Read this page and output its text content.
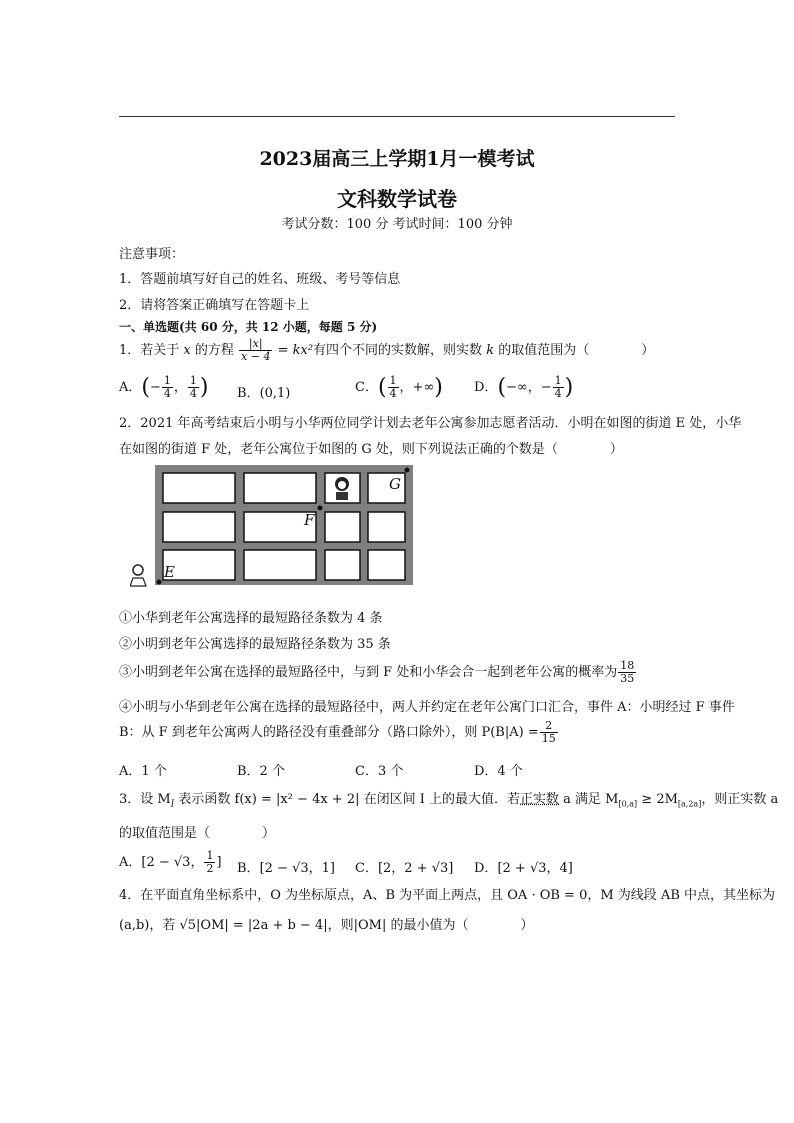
2023届高三上学期1月一模考试
文科数学试卷
考试分数：100 分 考试时间：100 分钟
注意事项：
1．答题前填写好自己的姓名、班级、考号等信息
2．请将答案正确填写在答题卡上
一、单选题(共 60 分，共 12 小题，每题 5 分)
1．若关于 x 的方程 $\frac{|x|}{x - 4} = kx^2$有四个不同的实数解，则实数 k 的取值范围为（　　　　）
A．(− $\frac{1}{4}$ ， $\frac{1}{4}$ ) B．(0,1)	C．( $\frac{1}{4}$ ，+∞) D．(−∞，− $\frac{1}{4}$ )
2．2021 年高考结束后小明与小华两位同学计划去老年公寓参加志愿者活动．小明在如图的街道 E 处，小华
在如图的街道 F 处，老年公寓位于如图的 G 处，则下列说法正确的个数是（　　　　）
G
F
E
①小华到老年公寓选择的最短路径条数为 4 条
②小明到老年公寓选择的最短路径条数为 35 条
③小明到老年公寓在选择的最短路径中，与到 F 处和小华会合一起到老年公寓的概率为 $\frac{18}{35}$
④小明与小华到老年公寓在选择的最短路径中，两人并约定在老年公寓门口汇合，事件 A：小明经过 F 事件
B：从 F 到老年公寓两人的路径没有重叠部分（路口除外），则 $P(B|A) = \frac{2}{15}$
A．1 个	B．2 个	C．3 个	D．4 个
3．设 $M_I$ 表示函数 f(x) = |x² − 4x + 2| 在闭区间 I 上的最大值．若正实数 a 满足 $M_{[0,a]} \ge 2M_{[a,2a]}$，则正实数 a
的取值范围是（　　　　）
A．[2 − √3， $\frac{1}{2}$ ] B．[2 − √3，1] C．[2，2 + √3] D．[2 + √3，4]
4．在平面直角坐标系中，O 为坐标原点，A、B 为平面上两点，且 OA · OB = 0，M 为线段 AB 中点，其坐标为
(a,b)，若 √5|OM| = |2a + b − 4|，则|OM| 的最小值为（　　　　）
